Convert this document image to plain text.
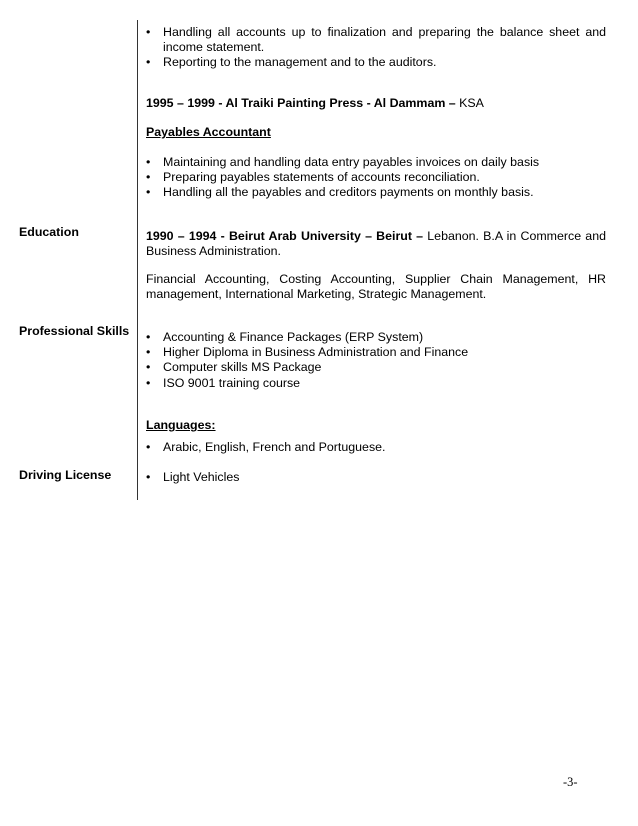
• Handling all accounts up to finalization and preparing the balance sheet and income statement.
• Reporting to the management and to the auditors.
1995 – 1999 - Al Traiki Painting Press - Al Dammam – KSA
Payables Accountant
• Maintaining and handling data entry payables invoices on daily basis
• Preparing payables statements of accounts reconciliation.
• Handling all the payables and creditors payments on monthly basis.
Education	1990 – 1994 - Beirut Arab University – Beirut – Lebanon. B.A in Commerce and Business Administration.
Financial Accounting, Costing Accounting, Supplier Chain Management, HR management, International Marketing, Strategic Management.
Professional Skills • Accounting & Finance Packages (ERP System)
• Higher Diploma in Business Administration and Finance
• Computer skills MS Package
• ISO 9001 training course
Languages:
• Arabic, English, French and Portuguese.
Driving License	• Light Vehicles
-3-
